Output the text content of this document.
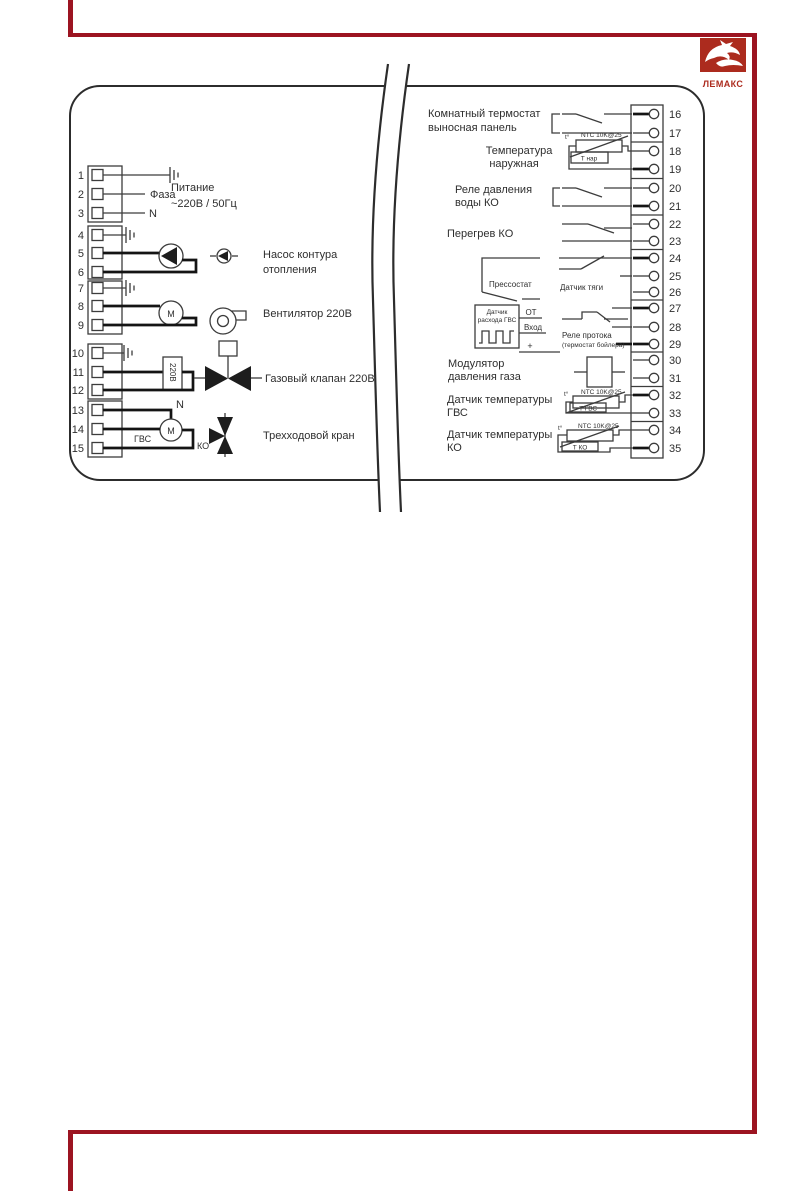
ЛЕМАКС
1
2
3
4
5
6
7
8
9
10
11
12
13
14
15
Фаза
N
Питание
~220В / 50Гц
Насос контура
отопления
M	Вентилятор 220В
220В	Газовый клапан 220В
N
M
ГВС
КО
Трехходовой кран
16
17
18
19
20
21
22
23
24
25
26
27
28
29
30
31
32
33
34
35
Комнатный термостат
выносная панель
Температура
наружная
NTC 10K@25
t°
Т нар
Реле давления
воды КО
Перегрев КО
Прессостат	Датчик тяги
Датчик
расхода ГВС
ОТ
Вход
+
Реле протока
(термостат бойлера)
Модулятор
давления газа
Датчик температуры
ГВС
NTC 10K@25
t°
Т ГВС
Датчик температуры
КО
NTC 10K@25
t°
Т КО
